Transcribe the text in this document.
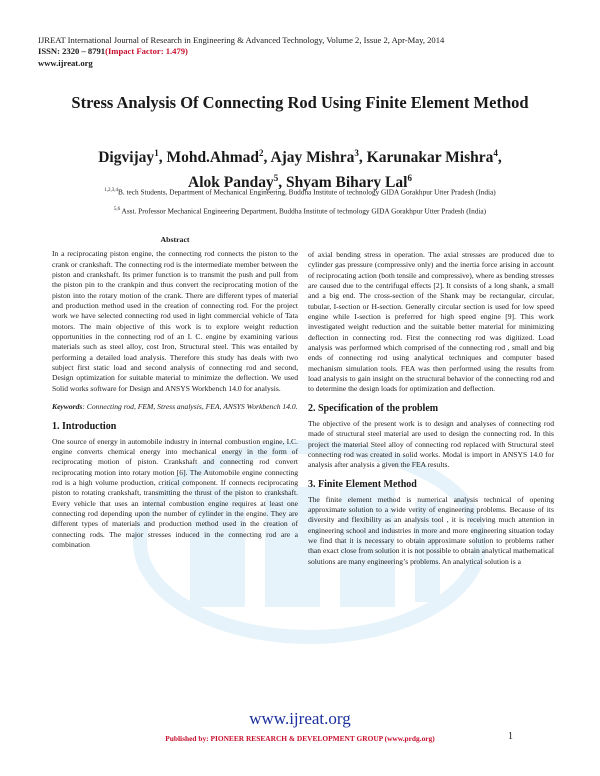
IJREAT International Journal of Research in Engineering & Advanced Technology, Volume 2, Issue 2, Apr-May, 2014
ISSN: 2320 – 8791(Impact Factor: 1.479)
www.ijreat.org
Stress Analysis Of Connecting Rod Using Finite Element Method
Digvijay$^1$, Mohd.Ahmad$^2$, Ajay Mishra$^3$, Karunakar Mishra$^4$,
Alok Panday$^5$, Shyam Bihary Lal$^6$
$^{1,2,3,4}$B. tech Students, Department of Mechanical Engineering, Buddha Institute of technology GIDA Gorakhpur Utter Pradesh (India)
$^{5,6}$ Asst. Professor Mechanical Engineering Department, Buddha Institute of technology GIDA Gorakhpur Utter Pradesh (India)
Abstract

In a reciprocating piston engine, the connecting rod connects the piston to the crank or crankshaft. The connecting rod is the intermediate member between the piston and crankshaft. Its primer function is to transmit the push and pull from the piston pin to the crankpin and thus convert the reciprocating motion of the piston into the rotary motion of the crank. There are different types of material and production method used in the creation of connecting rod. For the project work we have selected connecting rod used in light commercial vehicle of Tata motors. The main objective of this work is to explore weight reduction opportunities in the connecting rod of an I. C. engine by examining various materials such as steel alloy, cost Iron, Structural steel. This was entailed by performing a detailed load analysis. Therefore this study has deals with two subject first static load and second analysis of connecting rod and second, Design optimization for suitable material to minimize the deflection. We used Solid works software for Design and ANSYS Workbench 14.0 for analysis.

Keywords: Connecting rod, FEM, Stress analysis, FEA, ANSYS Workbench 14.0.

1. Introduction

One source of energy in automobile industry in internal combustion engine, I.C. engine converts chemical energy into mechanical energy in the form of reciprocating motion of piston. Crankshaft and connecting rod convert reciprocating motion into rotary motion [6]. The Automobile engine connecting rod is a high volume production, critical component. If connects reciprocating piston to rotating crankshaft, transmitting the thrust of the piston to crankshaft. Every vehicle that uses an internal combustion engine requires at least one connecting rod depending upon the number of cylinder in the engine. They are different types of materials and production method used in the creation of connecting rods. The major stresses induced in the connecting rod are a combination

of axial bending stress in operation. The axial stresses are produced due to cylinder gas pressure (compressive only) and the inertia force arising in account of reciprocating action (both tensile and compressive), where as bending stresses are caused due to the centrifugal effects [2]. It consists of a long shank, a small and a big end. The cross-section of the Shank may be rectangular, circular, tubular, I-section or H-section. Generally circular section is used for low speed engine while I-section is preferred for high speed engine [9]. This work investigated weight reduction and the suitable better material for minimizing deflection in connecting rod. First the connecting rod was digitized. Load analysis was performed which comprised of the connecting rod , small and big ends of connecting rod using analytical techniques and computer based mechanism simulation tools. FEA was then performed using the results from load analysis to gain insight on the structural behavior of the connecting rod and to determine the design loads for optimization and deflection.

2. Specification of the problem

The objective of the present work is to design and analyses of connecting rod made of structural steel material are used to design the connecting rod. In this project the material Steel alloy of connecting rod replaced with Structural steel connecting rod was created in solid works. Modal is import in ANSYS 14.0 for analysis after analysis a given the FEA results.

3. Finite Element Method

The finite element method is numerical analysis technical of opening approximate solution to a wide verity of engineering problems. Because of its diversity and flexibility as an analysis tool , it is receiving much attention in engineering school and industries in more and more engineering situation today we find that it is necessary to obtain approximate solution to problems rather than exact close from solution it is not possible to obtain analytical mathematical solutions are many engineering’s problems. An analytical solution is a

www.ijreat.org
Published by: PIONEER RESEARCH & DEVELOPMENT GROUP (www.prdg.org)	1
